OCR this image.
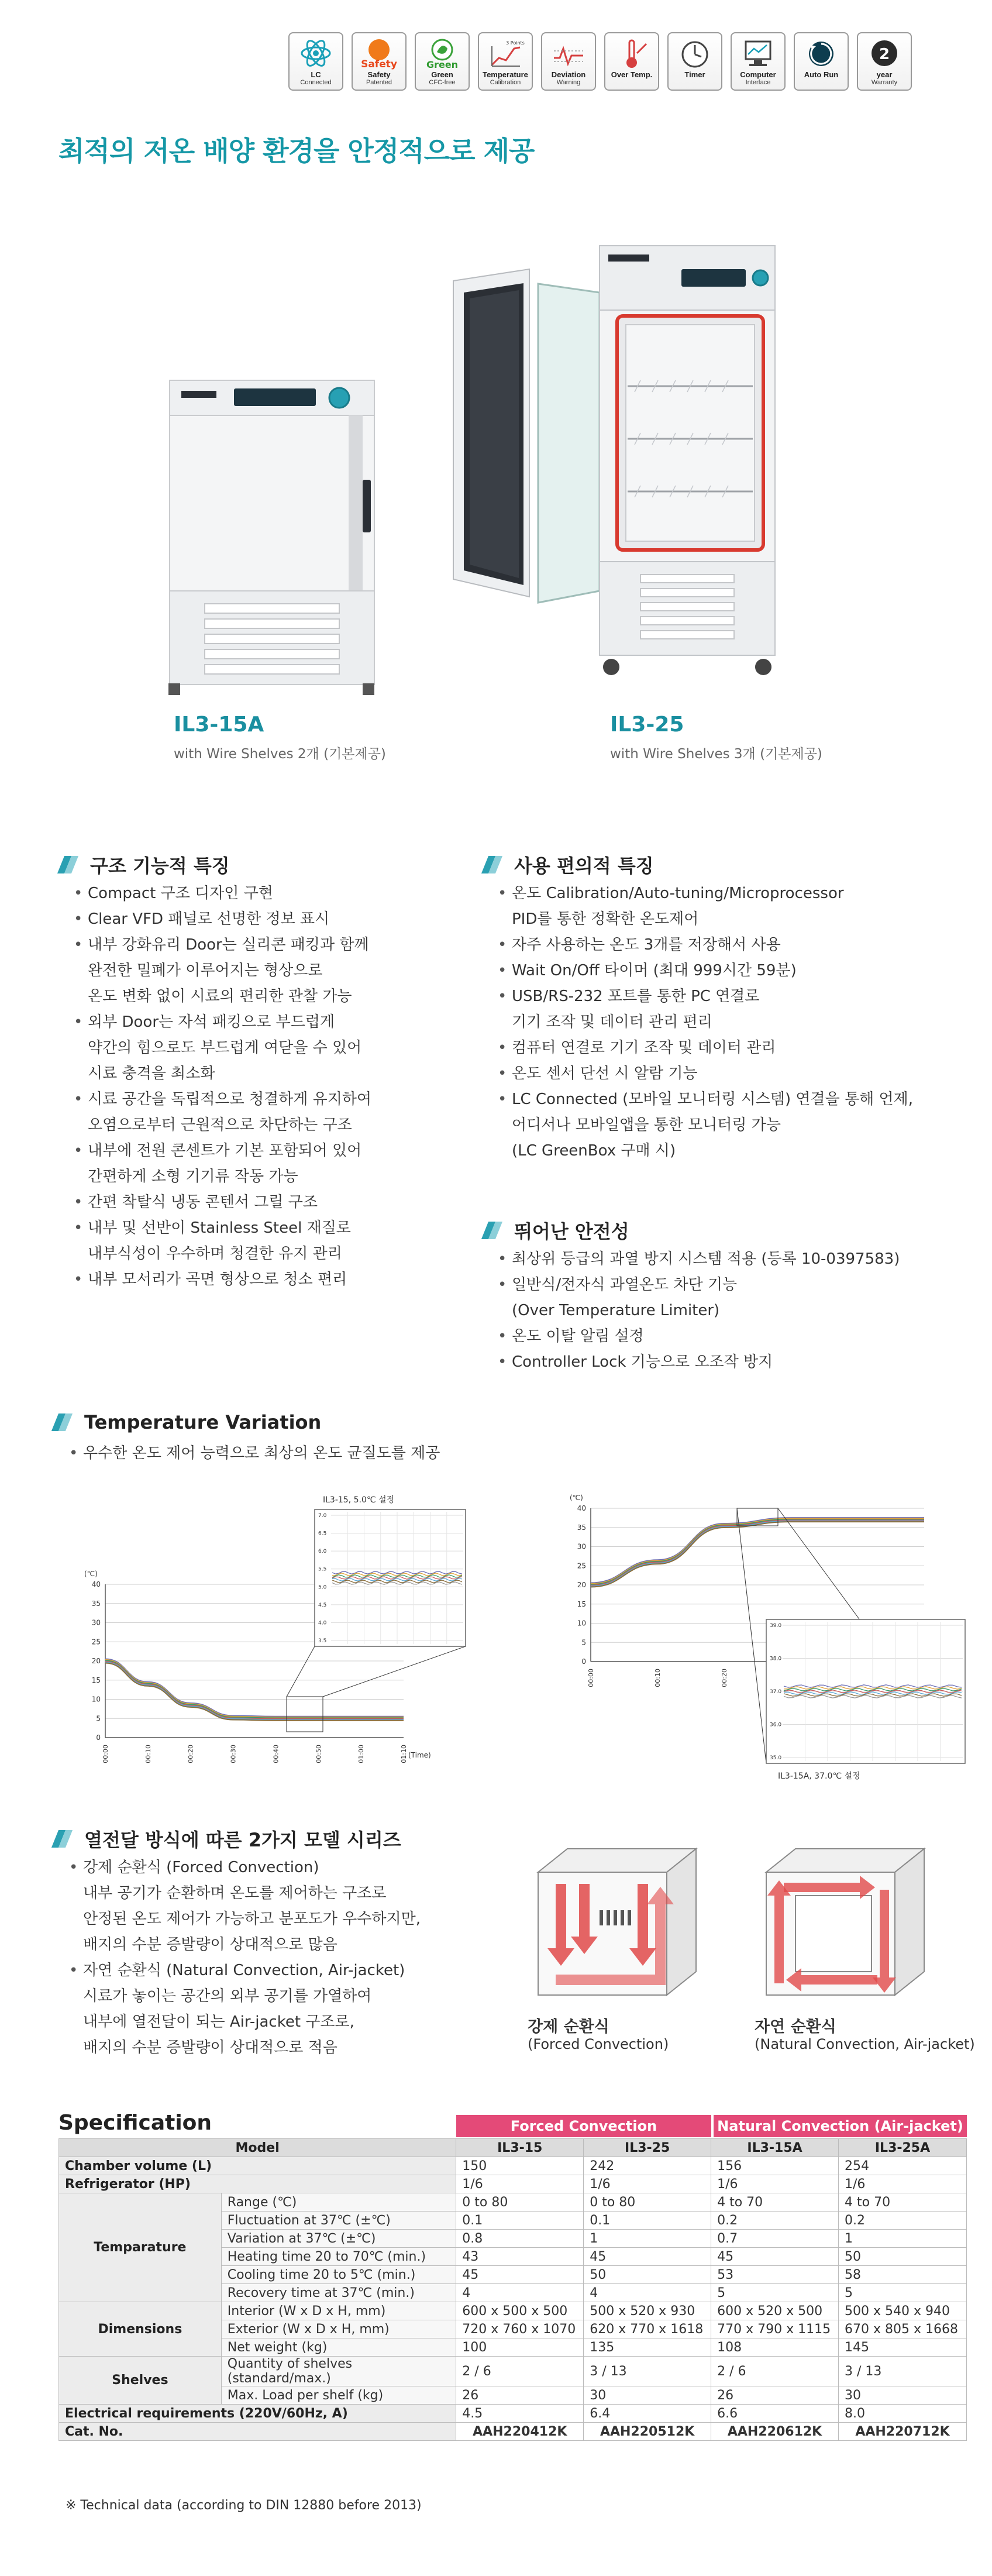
LC
Connected
Safety
Safety
Patented
Green
Green
CFC-free
3 Points
Temperature
Calibration
Deviation
Warning
Over Temp.	Timer	Computer
Interface
Auto Run
2
year
Warranty
최적의 저온 배양 환경을 안정적으로 제공
IL3-15A
with Wire Shelves 2개 (기본제공)
IL3-25
with Wire Shelves 3개 (기본제공)
구조 기능적 특징
• Compact 구조 디자인 구현
• Clear VFD 패널로 선명한 정보 표시
• 내부 강화유리 Door는 실리콘 패킹과 함께
완전한 밀폐가 이루어지는 형상으로
온도 변화 없이 시료의 편리한 관찰 가능
• 외부 Door는 자석 패킹으로 부드럽게
약간의 힘으로도 부드럽게 여닫을 수 있어
시료 충격을 최소화
• 시료 공간을 독립적으로 청결하게 유지하여
오염으로부터 근원적으로 차단하는 구조
• 내부에 전원 콘센트가 기본 포함되어 있어
간편하게 소형 기기류 작동 가능
• 간편 착탈식 냉동 콘텐서 그릴 구조
• 내부 및 선반이 Stainless Steel 재질로
내부식성이 우수하며 청결한 유지 관리
• 내부 모서리가 곡면 형상으로 청소 편리
사용 편의적 특징
• 온도 Calibration/Auto-tuning/Microprocessor
PID를 통한 정확한 온도제어
• 자주 사용하는 온도 3개를 저장해서 사용
• Wait On/Off 타이머 (최대 999시간 59분)
• USB/RS-232 포트를 통한 PC 연결로
기기 조작 및 데이터 관리 편리
• 컴퓨터 연결로 기기 조작 및 데이터 관리
• 온도 센서 단선 시 알람 기능
• LC Connected (모바일 모니터링 시스템) 연결을 통해 언제,
어디서나 모바일앱을 통한 모니터링 가능
(LC GreenBox 구매 시)
뛰어난 안전성
• 최상위 등급의 과열 방지 시스템 적용 (등록 10-0397583)
• 일반식/전자식 과열온도 차단 기능
(Over Temperature Limiter)
• 온도 이탈 알림 설정
• Controller Lock 기능으로 오조작 방지
Temperature Variation
• 우수한 온도 제어 능력으로 최상의 온도 균질도를 제공
(℃)
0
5
10
15
20
25
30
35
40
00:00	00:10	00:20	00:30	00:40	00:50	01:00	01:10 (Time)
3.5
4.0
4.5
5.0
5.5
6.0
6.5
7.0
IL3-15, 5.0℃ 설정	(℃)
0
5
10
15
20
25
30
35
40
00:00	00:10	00:20
35.0
36.0
37.0
38.0
39.0
IL3-15A, 37.0℃ 설정
열전달 방식에 따른 2가지 모델 시리즈
• 강제 순환식 (Forced Convection)
내부 공기가 순환하며 온도를 제어하는 구조로
안정된 온도 제어가 가능하고 분포도가 우수하지만,
배지의 수분 증발량이 상대적으로 많음
• 자연 순환식 (Natural Convection, Air-jacket)
시료가 놓이는 공간의 외부 공기를 가열하여
내부에 열전달이 되는 Air-jacket 구조로,
배지의 수분 증발량이 상대적으로 적음
강제 순환식
(Forced Convection)
자연 순환식
(Natural Convection, Air-jacket)
Specification	Forced Convection	Natural Convection (Air-jacket)
Model		IL3-15	IL3-25	IL3-15A	IL3-25A
Chamber volume (L)		150	242	156	254
Refrigerator (HP)		1/6	1/6	1/6	1/6
Temparature	Range (℃)	0 to 80	0 to 80	4 to 70	4 to 70
	Fluctuation at 37℃ (±℃)	0.1	0.1	0.2	0.2
	Variation at 37℃ (±℃)	0.8	1	0.7	1
	Heating time 20 to 70℃ (min.)	43	45	45	50
	Cooling time 20 to 5℃ (min.)	45	50	53	58
	Recovery time at 37℃ (min.)	4	4	5	5
Dimensions	Interior (W x D x H, mm)	600 x 500 x 500	500 x 520 x 930	600 x 520 x 500	500 x 540 x 940
	Exterior (W x D x H, mm)	720 x 760 x 1070	620 x 770 x 1618	770 x 790 x 1115	670 x 805 x 1668
	Net weight (kg)	100	135	108	145
Shelves	Quantity of shelves (standard/max.)	2 / 6	3 / 13	2 / 6	3 / 13
	Max. Load per shelf (kg)	26	30	26	30
Electrical requirements (220V/60Hz, A)		4.5	6.4	6.6	8.0
Cat. No.		AAH220412K	AAH220512K	AAH220612K	AAH220712K
※ Technical data (according to DIN 12880 before 2013)
